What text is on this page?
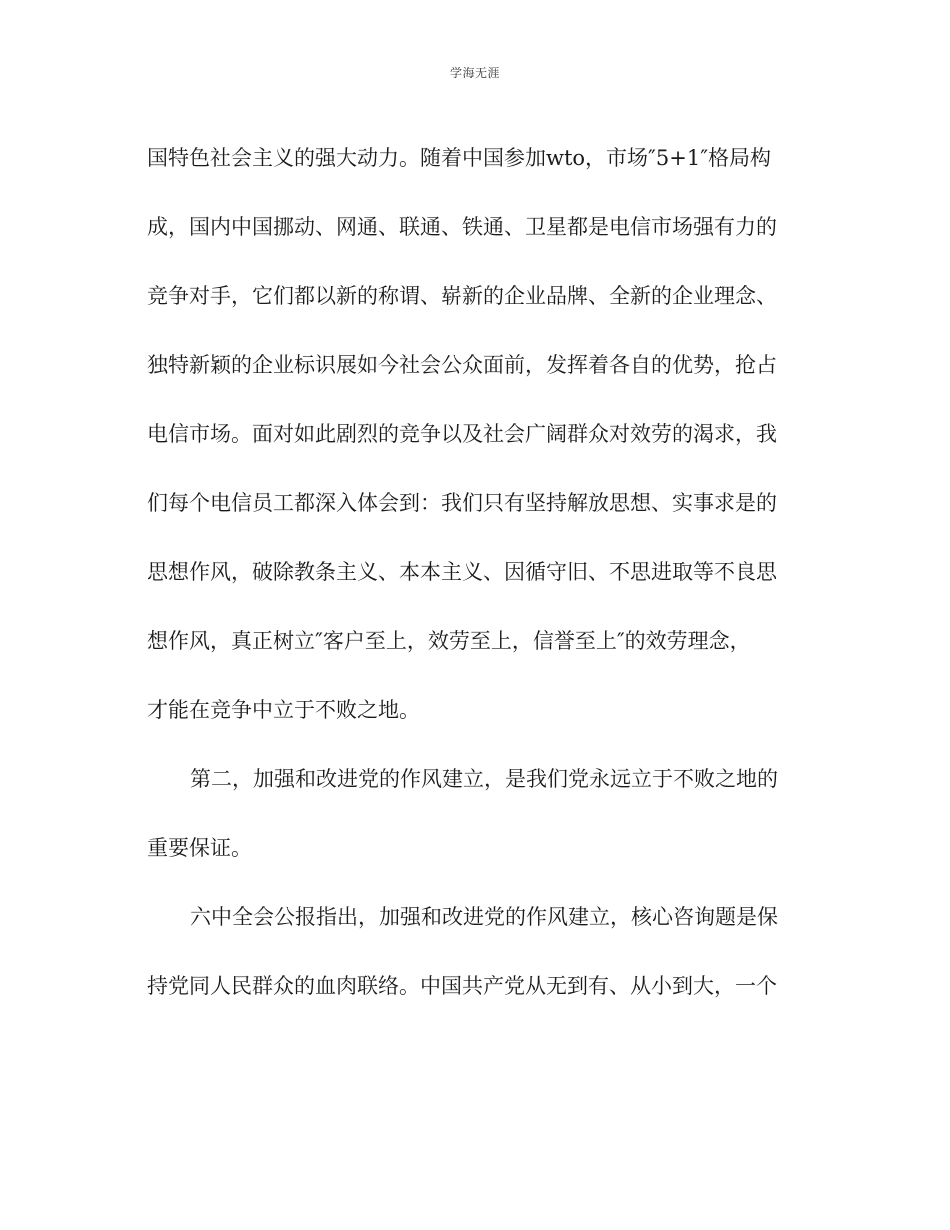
学海无涯
国特色社会主义的强大动力。随着中国参加wto，市场″5+1″格局构
成，国内中国挪动、网通、联通、铁通、卫星都是电信市场强有力的
竞争对手，它们都以新的称谓、崭新的企业品牌、全新的企业理念、
独特新颖的企业标识展如今社会公众面前，发挥着各自的优势，抢占
电信市场。面对如此剧烈的竞争以及社会广阔群众对效劳的渴求，我
们每个电信员工都深入体会到：我们只有坚持解放思想、实事求是的
思想作风，破除教条主义、本本主义、因循守旧、不思进取等不良思
想作风，真正树立″客户至上，效劳至上，信誉至上″的效劳理念，
才能在竞争中立于不败之地。
第二，加强和改进党的作风建立，是我们党永远立于不败之地的
重要保证。
六中全会公报指出，加强和改进党的作风建立，核心咨询题是保
持党同人民群众的血肉联络。中国共产党从无到有、从小到大，一个
